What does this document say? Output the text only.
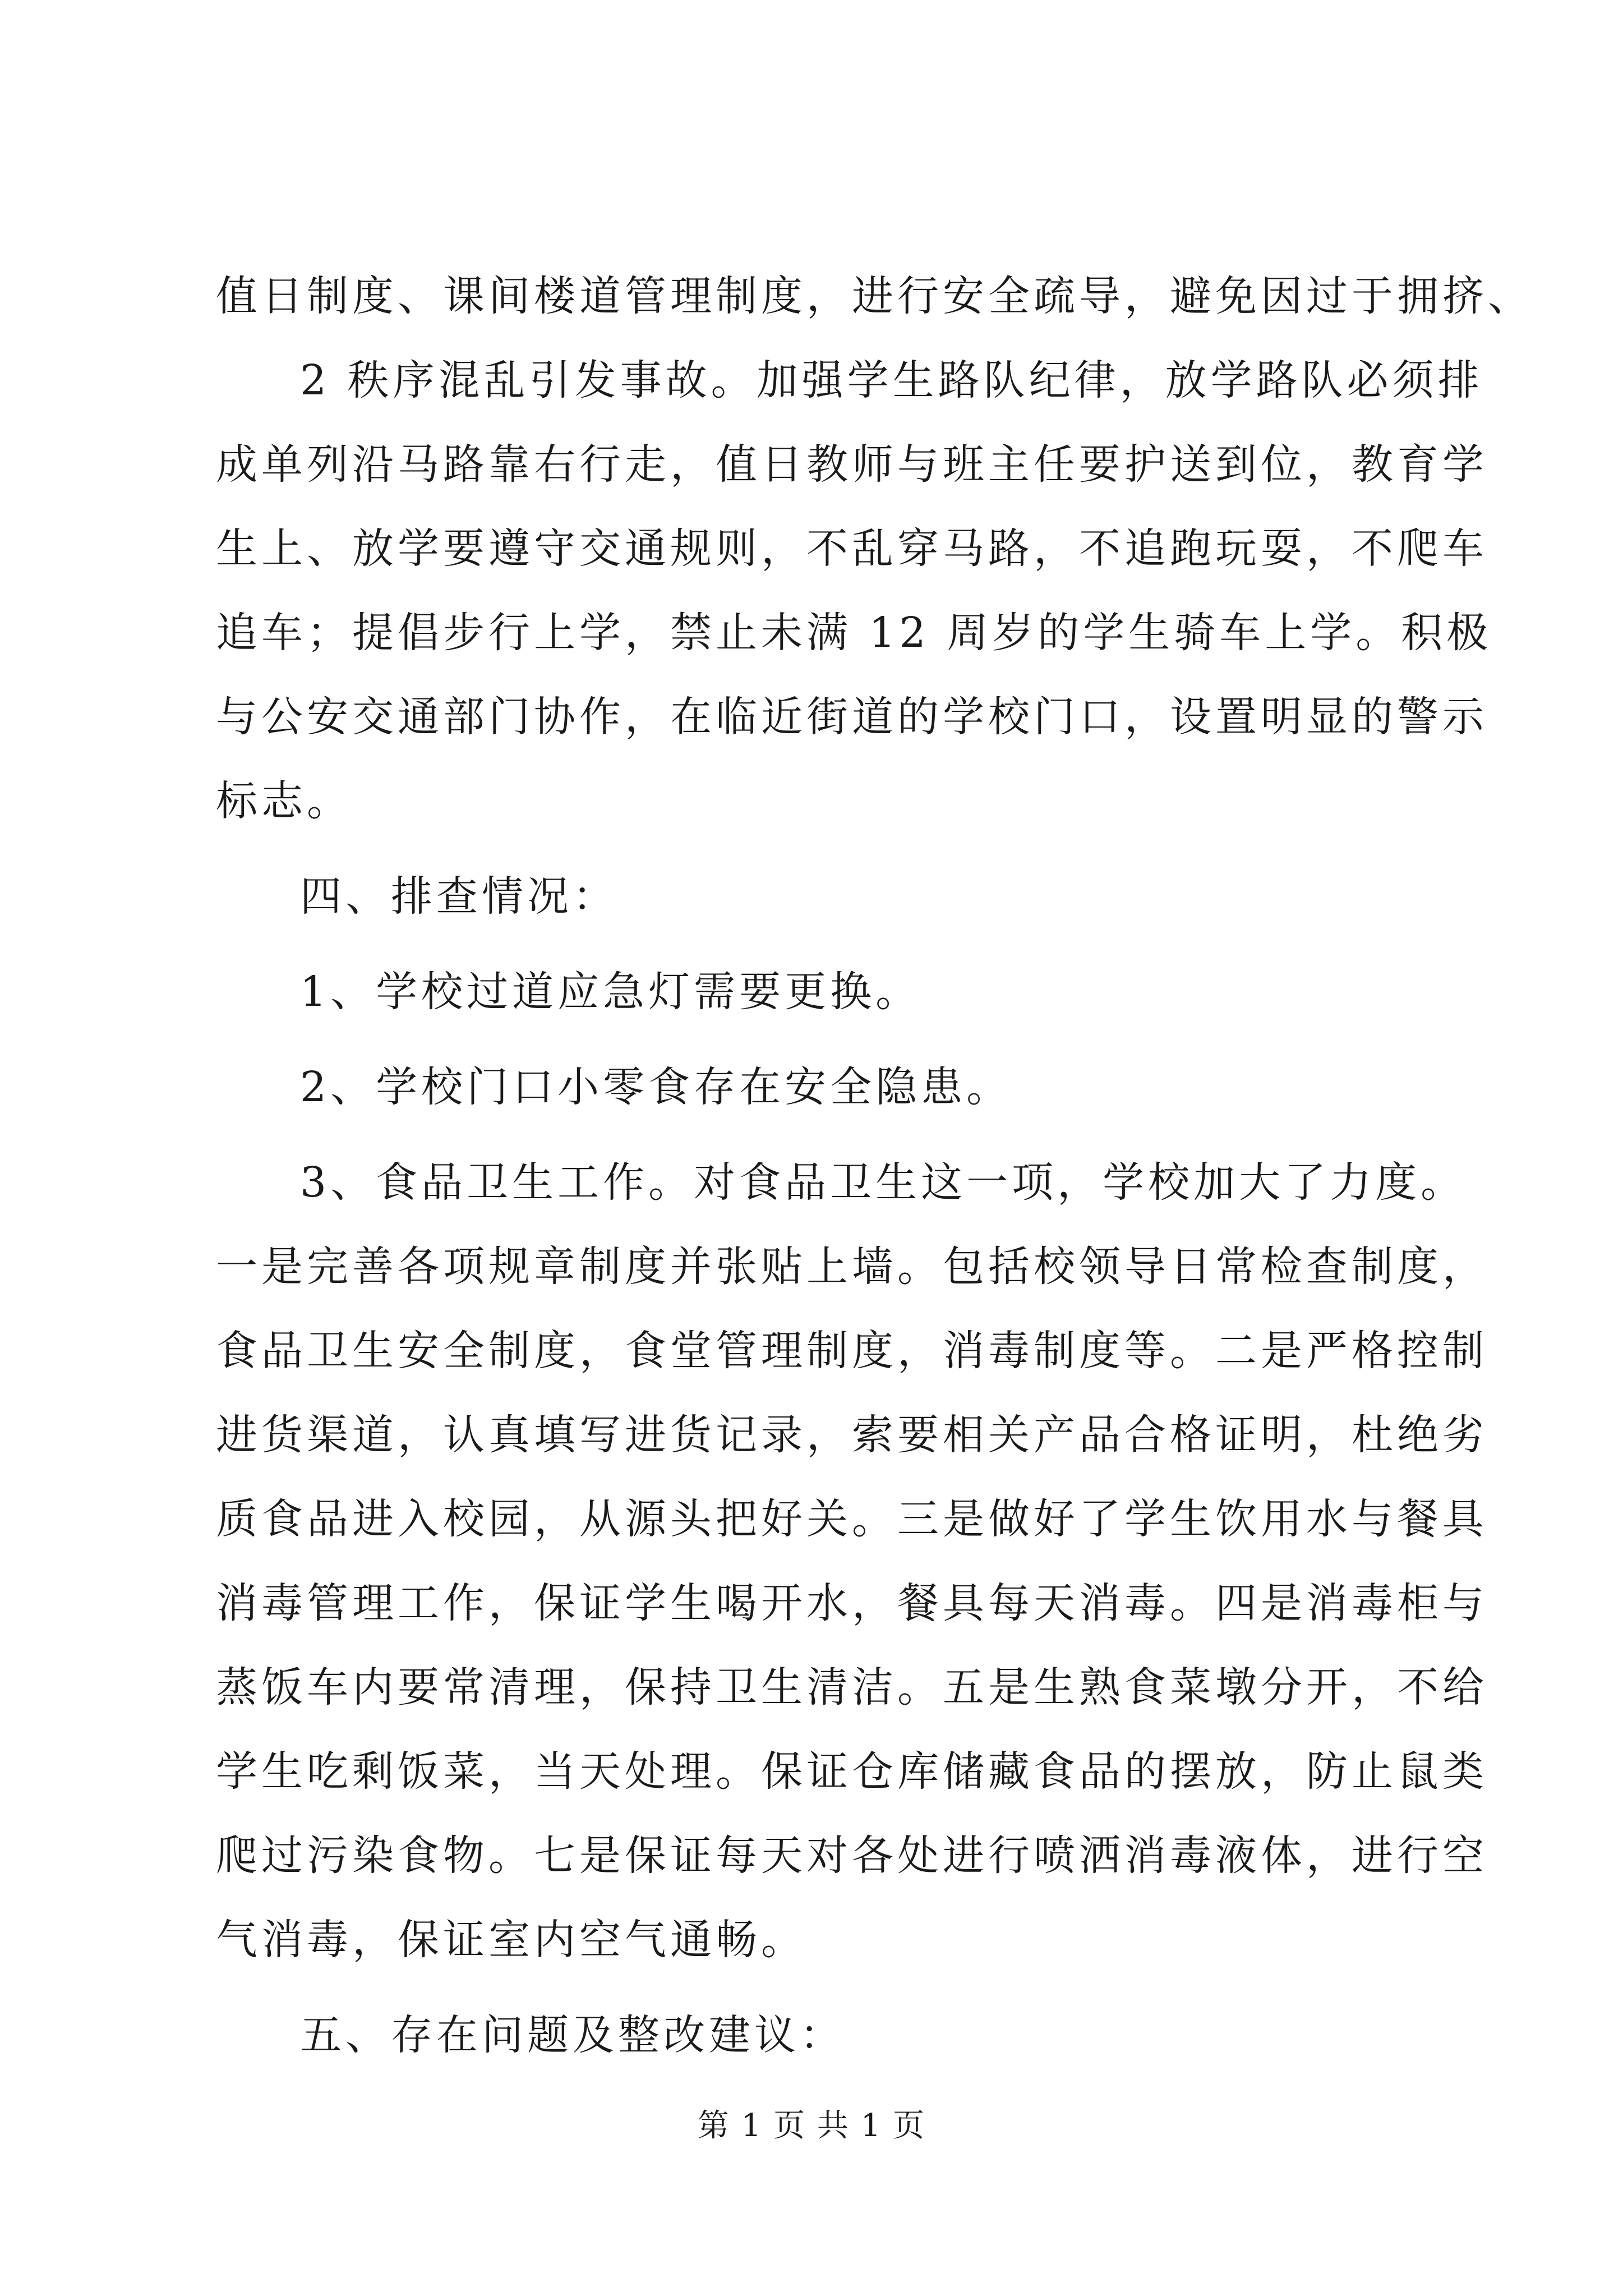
值日制度、课间楼道管理制度，进行安全疏导，避免因过于拥挤、
2 秩序混乱引发事故。加强学生路队纪律，放学路队必须排
成单列沿马路靠右行走，值日教师与班主任要护送到位，教育学
生上、放学要遵守交通规则，不乱穿马路，不追跑玩耍，不爬车
追车；提倡步行上学，禁止未满 12 周岁的学生骑车上学。积极
与公安交通部门协作，在临近街道的学校门口，设置明显的警示
标志。
四、排查情况：
1、学校过道应急灯需要更换。
2、学校门口小零食存在安全隐患。
3、食品卫生工作。对食品卫生这一项，学校加大了力度。
一是完善各项规章制度并张贴上墙。包括校领导日常检查制度，
食品卫生安全制度，食堂管理制度，消毒制度等。二是严格控制
进货渠道，认真填写进货记录，索要相关产品合格证明，杜绝劣
质食品进入校园，从源头把好关。三是做好了学生饮用水与餐具
消毒管理工作，保证学生喝开水，餐具每天消毒。四是消毒柜与
蒸饭车内要常清理，保持卫生清洁。五是生熟食菜墩分开，不给
学生吃剩饭菜，当天处理。保证仓库储藏食品的摆放，防止鼠类
爬过污染食物。七是保证每天对各处进行喷洒消毒液体，进行空
气消毒，保证室内空气通畅。
五、存在问题及整改建议：
第 1 页 共 1 页
